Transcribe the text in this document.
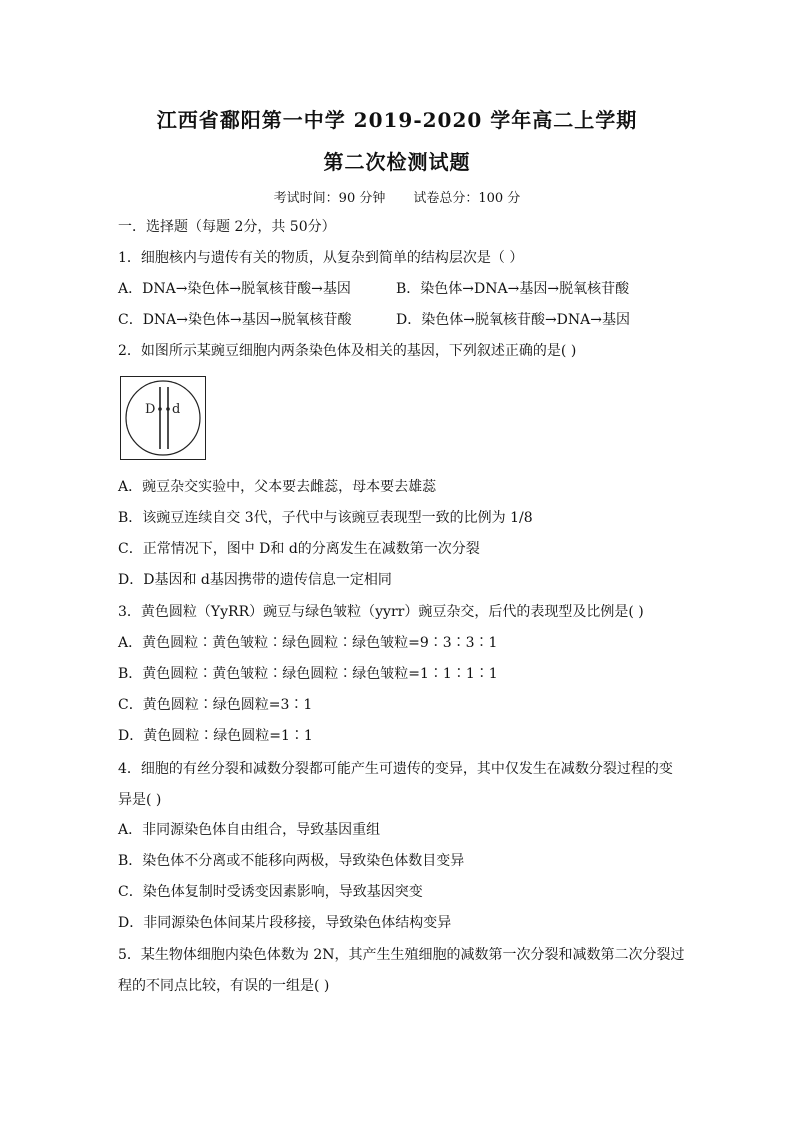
江西省鄱阳第一中学 2019-2020 学年高二上学期
第二次检测试题
考试时间：90 分钟 试卷总分：100 分
一．选择题（每题 2分，共 50分）
1．细胞核内与遗传有关的物质，从复杂到简单的结构层次是（ ）
A．DNA→染色体→脱氧核苷酸→基因	B．染色体→DNA→基因→脱氧核苷酸
C．DNA→染色体→基因→脱氧核苷酸	D．染色体→脱氧核苷酸→DNA→基因
2．如图所示某豌豆细胞内两条染色体及相关的基因，下列叙述正确的是( )
D d
A．豌豆杂交实验中，父本要去雌蕊，母本要去雄蕊
B．该豌豆连续自交 3代，子代中与该豌豆表现型一致的比例为 1/8
C．正常情况下，图中 D和 d的分离发生在减数第一次分裂
D．D基因和 d基因携带的遗传信息一定相同
3．黄色圆粒（YyRR）豌豆与绿色皱粒（yyrr）豌豆杂交，后代的表现型及比例是( )
A．黄色圆粒∶黄色皱粒∶绿色圆粒∶绿色皱粒=9∶3∶3∶1
B．黄色圆粒∶黄色皱粒∶绿色圆粒∶绿色皱粒=1∶1∶1∶1
C．黄色圆粒∶绿色圆粒=3∶1
D．黄色圆粒∶绿色圆粒=1∶1
4．细胞的有丝分裂和减数分裂都可能产生可遗传的变异，其中仅发生在减数分裂过程的变
异是( )
A．非同源染色体自由组合，导致基因重组
B．染色体不分离或不能移向两极，导致染色体数目变异
C．染色体复制时受诱变因素影响，导致基因突变
D．非同源染色体间某片段移接，导致染色体结构变异
5．某生物体细胞内染色体数为 2N，其产生生殖细胞的减数第一次分裂和减数第二次分裂过
程的不同点比较，有误的一组是( )
